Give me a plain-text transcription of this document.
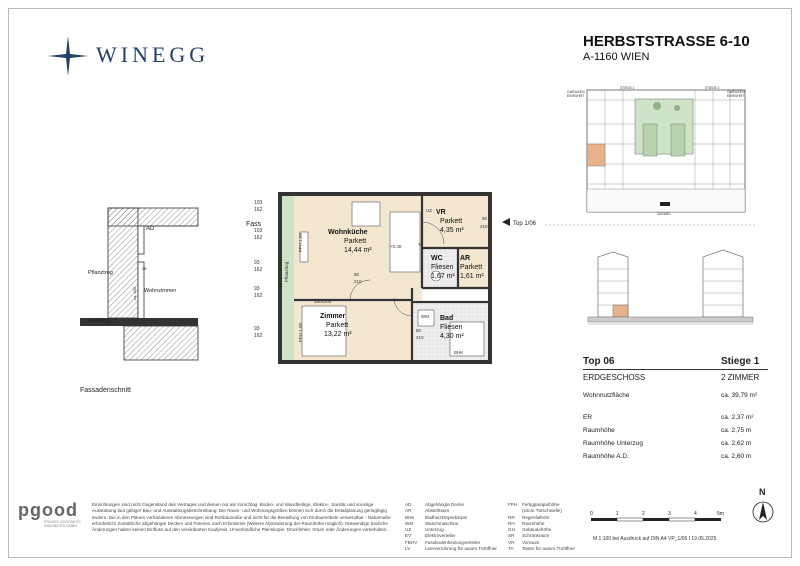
WINEGG
HERBSTSTRASSE 6-10
A-1160 WIEN
GARAGEN
EINFAHRT
GARAGEN
EINFAHRT
STIEGE 1	STIEGE 2
ZUGANG
Top 06	Stiege 1
ERDGESCHOSS	2 ZIMMER
Wohnnutzfläche	ca. 39,79 m²
ER	ca. 2,37 m²
Raumhöhe	ca. 2,75 m
Raumhöhe Unterzug	ca. 2,62 m
Raumhöhe A.D.	ca. 2,60 m
AD
Pflanztrog
Wohnzimmer
Gehsteig
29
ca. 205
Fassadenschnitt
103
162
103
162
93
162
93
162
93
162
Fass
Wohnküche
Parkett
14,44 m²
VR
Parkett
4,35 m²
WC
Fliesen
1,67 m²
AR
Parkett
1,61 m²
Zimmer
Parkett
13,22 m²
Bad
Fliesen
4,30 m²
180x200
+0,40
UZ
WM
BHK
80
210
80
210
90
210
70
FPH 1,00
FPH 1,00
Pflanztrog
Top 1/06
pgood
PRIVATE GOODNESS
IMMOBILIEN GMBH
Einrichtungen sind nicht Gegenstand des Vertrages und dienen nur als Vorschlag. Boden- und Wandbeläge, Elektro-, Sanitär und sonstige Ausstattung laut gültiger Bau- und Ausstattungsbeschreibung. Die Raum- und Wohnungsgrößen können sich durch die Detailplanung geringfügig ändern. Die in den Plänen vorhandenen Abmessungen sind Rohbaumaße und nicht für die Bestellung von Einbaumöbeln verwendbar - Naturmaße erforderlich! Zusätzliche abgehängte Decken und Poterien nach Erfordernis (Weitere Abminderung der Raumhöhe möglich). Notwendige bauliche Änderungen haben keinen Einfluss auf den vereinbarten Kaufpreis. Unverbindliche Planskopie. Druckfehler, Irrtum oder Änderungen vorbehalten.
AD	Abgehängte Decke
AR	Abstellraum
BHK Badheizkörperkörper
WM	Waschmaschine
UZ	Unterzug
EV	Elektroverteiler
FBHV Fussbodenheizungverteiler
LV	Leerverrohrung für autom.Türöffner
FPH Fertigparapethöhe
(x2cm Türschwelle)
RR Regenfallrohr
RH Raumhöhe
GH Gebäudehöhe
SR Schrankraum
VR Vorraum
TA Taster für autom.Türöffner
0	1	2	3	4	5m
M 1:100 bei Ausdruck auf DIN A4 VP_1/06 I 19.05.2025
N
